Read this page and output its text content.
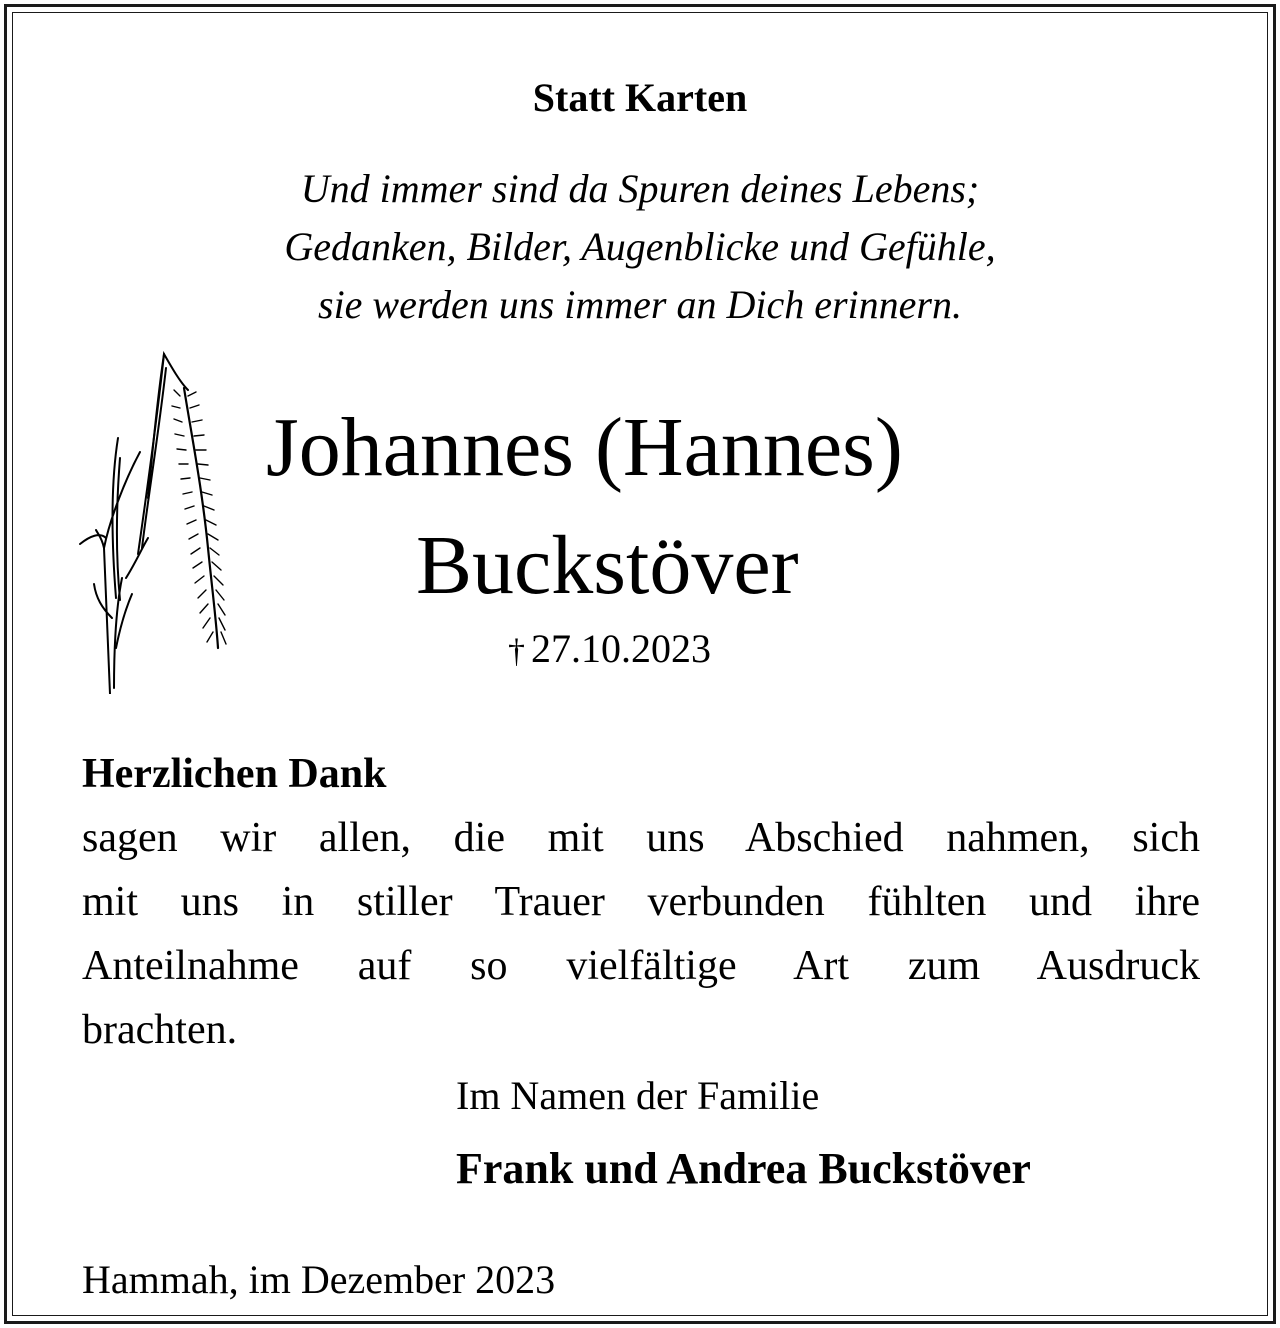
Statt Karten
Und immer sind da Spuren deines Lebens;
Gedanken, Bilder, Augenblicke und Gefühle,
sie werden uns immer an Dich erinnern.
Johannes (Hannes)
Buckstöver
† 27.10.2023
Herzlichen Dank
sagen wir allen, die mit uns Abschied nahmen, sich
mit uns in stiller Trauer verbunden fühlten und ihre
Anteilnahme auf so vielfältige Art zum Ausdruck
brachten.
Im Namen der Familie
Frank und Andrea Buckstöver
Hammah, im Dezember 2023
